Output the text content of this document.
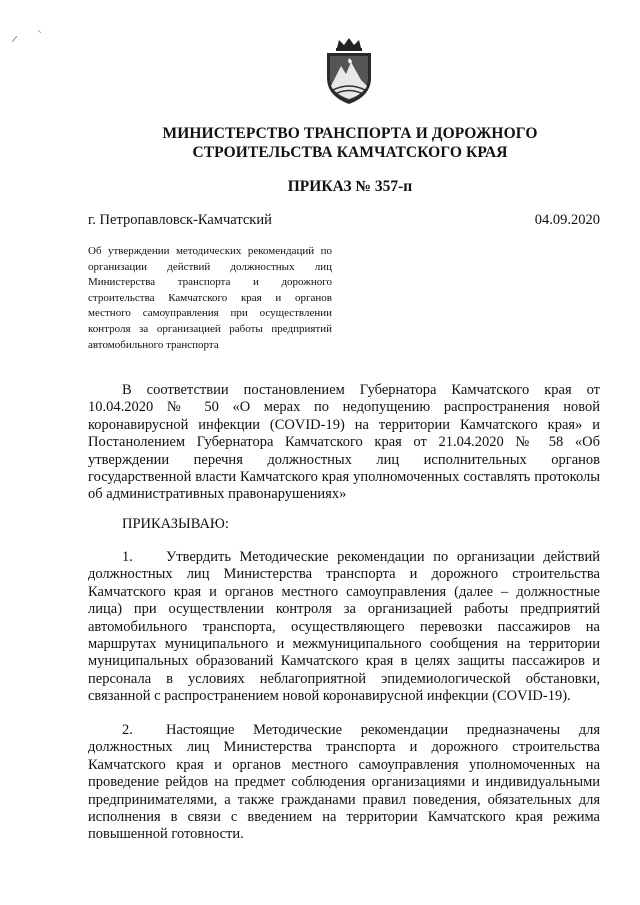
МИНИСТЕРСТВО ТРАНСПОРТА И ДОРОЖНОГО
СТРОИТЕЛЬСТВА КАМЧАТСКОГО КРАЯ
ПРИКАЗ № 357-п
г. Петропавловск-Камчатский	04.09.2020
Об утверждении методических рекомендаций по организации действий должностных лиц Министерства транспорта и дорожного строительства Камчатского края и органов местного самоуправления при осуществлении контроля за организацией работы предприятий автомобильного транспорта
В соответствии постановлением Губернатора Камчатского края от 10.04.2020 № 50 «О мерах по недопущению распространения новой коронавирусной инфекции (COVID-19) на территории Камчатского края» и Постанолением Губернатора Камчатского края от 21.04.2020 № 58 «Об утверждении перечня должностных лиц исполнительных органов государственной власти Камчатского края уполномоченных составлять протоколы об административных правонарушениях»
ПРИКАЗЫВАЮ:
1. Утвердить Методические рекомендации по организации действий должностных лиц Министерства транспорта и дорожного строительства Камчатского края и органов местного самоуправления (далее – должностные лица) при осуществлении контроля за организацией работы предприятий автомобильного транспорта, осуществляющего перевозки пассажиров на маршрутах муниципального и межмуниципального сообщения на территории муниципальных образований Камчатского края в целях защиты пассажиров и персонала в условиях неблагоприятной эпидемиологической обстановки, связанной с распространением новой коронавирусной инфекции (COVID-19).
2. Настоящие Методические рекомендации предназначены для должностных лиц Министерства транспорта и дорожного строительства Камчатского края и органов местного самоуправления уполномоченных на проведение рейдов на предмет соблюдения организациями и индивидуальными предпринимателями, а также гражданами правил поведения, обязательных для исполнения в связи с введением на территории Камчатского края режима повышенной готовности.
